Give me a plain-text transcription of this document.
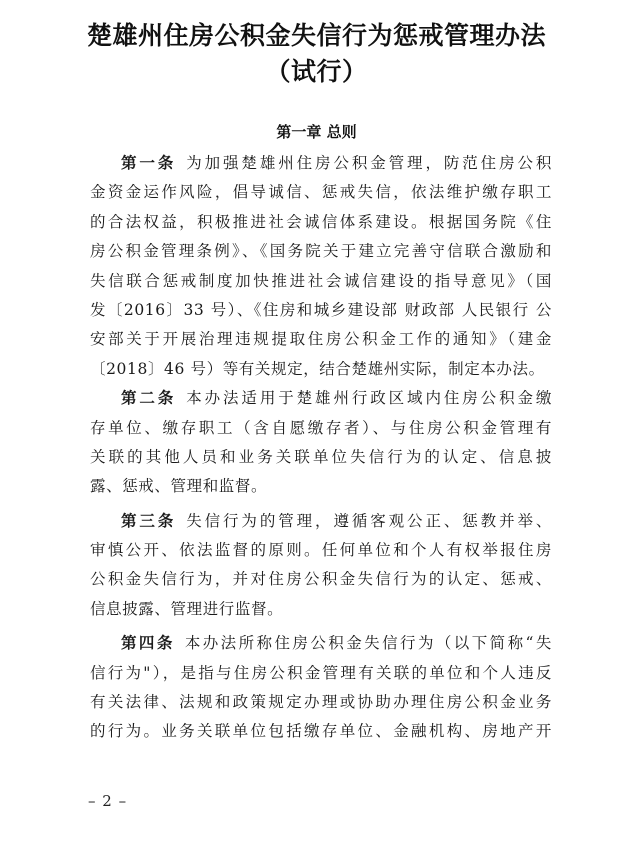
楚雄州住房公积金失信行为惩戒管理办法
（试行）
第一章 总则
第一条 为加强楚雄州住房公积金管理，防范住房公积
金资金运作风险，倡导诚信、惩戒失信，依法维护缴存职工
的合法权益，积极推进社会诚信体系建设。根据国务院《住
房公积金管理条例》、《国务院关于建立完善守信联合激励和
失信联合惩戒制度加快推进社会诚信建设的指导意见》（国
发〔2016〕33 号）、《住房和城乡建设部 财政部 人民银行 公
安部关于开展治理违规提取住房公积金工作的通知》（建金
〔2018〕46 号）等有关规定，结合楚雄州实际，制定本办法。
第二条 本办法适用于楚雄州行政区域内住房公积金缴
存单位、缴存职工（含自愿缴存者）、与住房公积金管理有
关联的其他人员和业务关联单位失信行为的认定、信息披
露、惩戒、管理和监督。
第三条 失信行为的管理，遵循客观公正、惩教并举、
审慎公开、依法监督的原则。任何单位和个人有权举报住房
公积金失信行为，并对住房公积金失信行为的认定、惩戒、
信息披露、管理进行监督。
第四条 本办法所称住房公积金失信行为（以下简称“失
信行为"），是指与住房公积金管理有关联的单位和个人违反
有关法律、法规和政策规定办理或协助办理住房公积金业务
的行为。业务关联单位包括缴存单位、金融机构、房地产开
– 2 –
